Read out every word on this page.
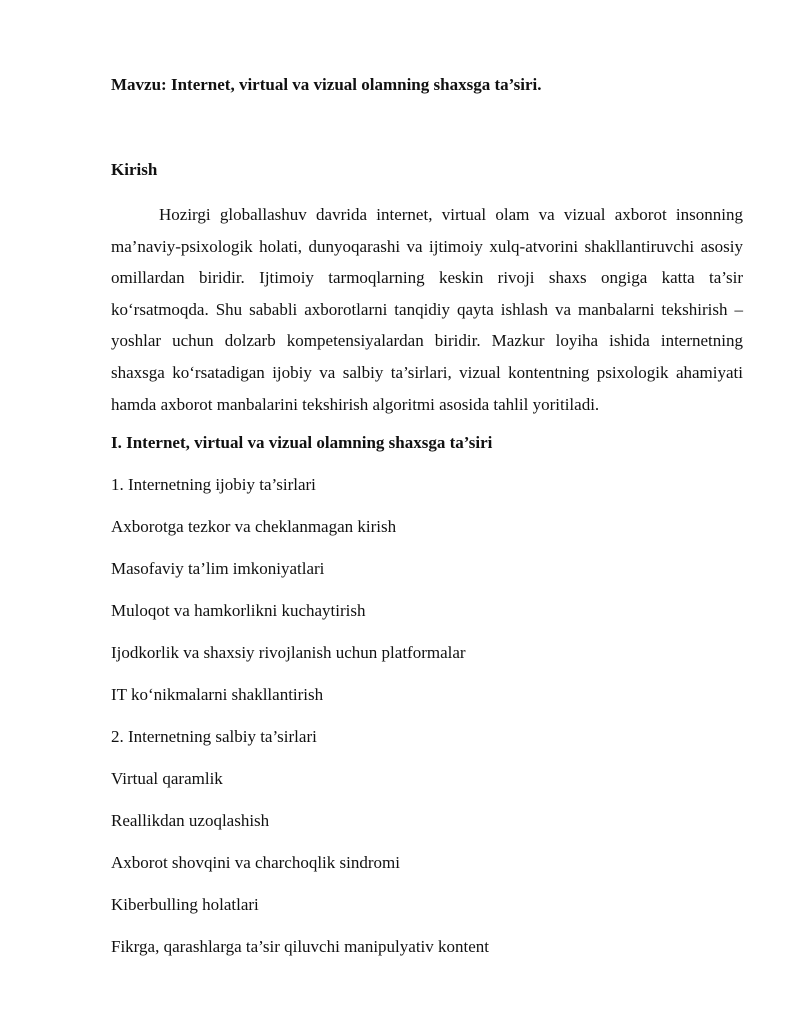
Mavzu: Internet, virtual va vizual olamning shaxsga ta’siri.

Kirish

Hozirgi globallashuv davrida internet, virtual olam va vizual axborot insonning ma’naviy-psixologik holati, dunyoqarashi va ijtimoiy xulq-atvorini shakllantiruvchi asosiy omillardan biridir. Ijtimoiy tarmoqlarning keskin rivoji shaxs ongiga katta ta’sir ko‘rsatmoqda. Shu sababli axborotlarni tanqidiy qayta ishlash va manbalarni tekshirish – yoshlar uchun dolzarb kompetensiyalardan biridir. Mazkur loyiha ishida internetning shaxsga ko‘rsatadigan ijobiy va salbiy ta’sirlari, vizual kontentning psixologik ahamiyati hamda axborot manbalarini tekshirish algoritmi asosida tahlil yoritiladi.

I. Internet, virtual va vizual olamning shaxsga ta’siri

1. Internetning ijobiy ta’sirlari

Axborotga tezkor va cheklanmagan kirish

Masofaviy ta’lim imkoniyatlari

Muloqot va hamkorlikni kuchaytirish

Ijodkorlik va shaxsiy rivojlanish uchun platformalar

IT ko‘nikmalarni shakllantirish

2. Internetning salbiy ta’sirlari

Virtual qaramlik

Reallikdan uzoqlashish

Axborot shovqini va charchoqlik sindromi

Kiberbulling holatlari

Fikrga, qarashlarga ta’sir qiluvchi manipulyativ kontent
